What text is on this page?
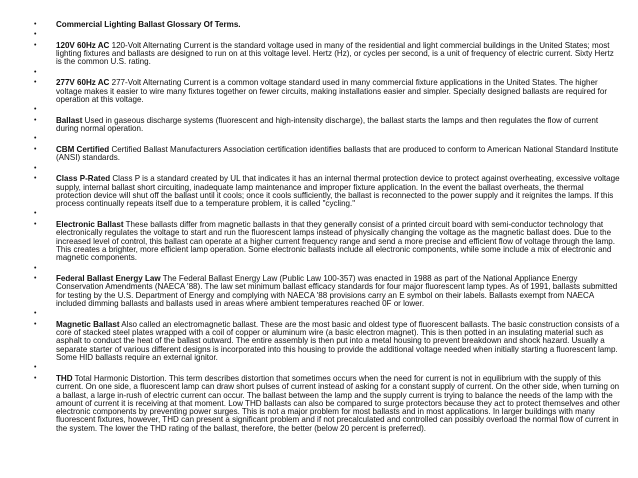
• Commercial Lighting Ballast Glossary Of Terms.
•
• 120V 60Hz AC 120-Volt Alternating Current is the standard voltage used in many of the residential and light commercial buildings in the United States; most lighting fixtures and ballasts are designed to run on at this voltage level. Hertz (Hz), or cycles per second, is a unit of frequency of electric current. Sixty Hertz is the common U.S. rating.
•
• 277V 60Hz AC 277-Volt Alternating Current is a common voltage standard used in many commercial fixture applications in the United States. The higher voltage makes it easier to wire many fixtures together on fewer circuits, making installations easier and simpler. Specially designed ballasts are required for operation at this voltage.
•
• Ballast Used in gaseous discharge systems (fluorescent and high-intensity discharge), the ballast starts the lamps and then regulates the flow of current during normal operation.
•
• CBM Certified Certified Ballast Manufacturers Association certification identifies ballasts that are produced to conform to American National Standard Institute (ANSI) standards.
•
• Class P-Rated Class P is a standard created by UL that indicates it has an internal thermal protection device to protect against overheating, excessive voltage supply, internal ballast short circuiting, inadequate lamp maintenance and improper fixture application. In the event the ballast overheats, the thermal protection device will shut off the ballast until it cools; once it cools sufficiently, the ballast is reconnected to the power supply and it reignites the lamps. If this process continually repeats itself due to a temperature problem, it is called "cycling."
•
• Electronic Ballast These ballasts differ from magnetic ballasts in that they generally consist of a printed circuit board with semi-conductor technology that electronically regulates the voltage to start and run the fluorescent lamps instead of physically changing the voltage as the magnetic ballast does. Due to the increased level of control, this ballast can operate at a higher current frequency range and send a more precise and efficient flow of voltage through the lamp. This creates a brighter, more efficient lamp operation. Some electronic ballasts include all electronic components, while some include a mix of electronic and magnetic components.
•
• Federal Ballast Energy Law The Federal Ballast Energy Law (Public Law 100-357) was enacted in 1988 as part of the National Appliance Energy Conservation Amendments (NAECA '88). The law set minimum ballast efficacy standards for four major fluorescent lamp types. As of 1991, ballasts submitted for testing by the U.S. Department of Energy and complying with NAECA '88 provisions carry an E symbol on their labels. Ballasts exempt from NAECA included dimming ballasts and ballasts used in areas where ambient temperatures reached 0F or lower.
•
• Magnetic Ballast Also called an electromagnetic ballast. These are the most basic and oldest type of fluorescent ballasts. The basic construction consists of a core of stacked steel plates wrapped with a coil of copper or aluminum wire (a basic electron magnet). This is then potted in an insulating material such as asphalt to conduct the heat of the ballast outward. The entire assembly is then put into a metal housing to prevent breakdown and shock hazard. Usually a separate starter of various different designs is incorporated into this housing to provide the additional voltage needed when initially starting a fluorescent lamp. Some HID ballasts require an external ignitor.
•
• THD Total Harmonic Distortion. This term describes distortion that sometimes occurs when the need for current is not in equilibrium with the supply of this current. On one side, a fluorescent lamp can draw short pulses of current instead of asking for a constant supply of current. On the other side, when turning on a ballast, a large in-rush of electric current can occur. The ballast between the lamp and the supply current is trying to balance the needs of the lamp with the amount of current it is receiving at that moment. Low THD ballasts can also be compared to surge protectors because they act to protect themselves and other electronic components by preventing power surges. This is not a major problem for most ballasts and in most applications. In larger buildings with many fluorescent fixtures, however, THD can present a significant problem and if not precalculated and controlled can possibly overload the normal flow of current in the system. The lower the THD rating of the ballast, therefore, the better (below 20 percent is preferred).
